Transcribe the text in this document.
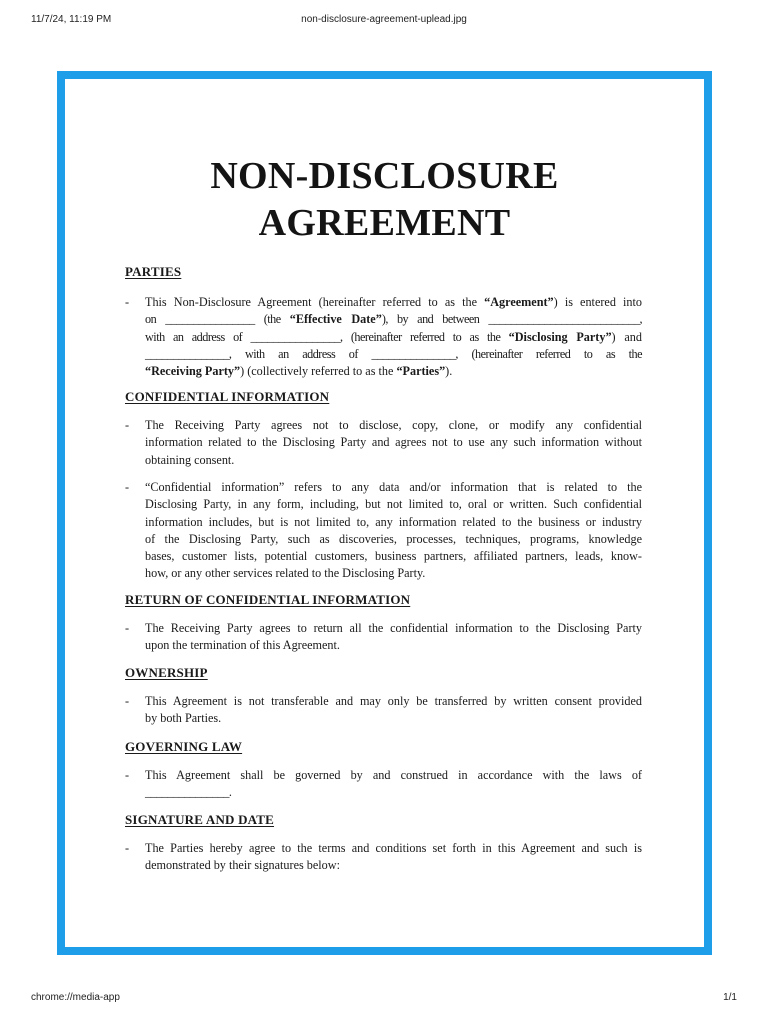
11/7/24, 11:19 PM	non-disclosure-agreement-uplead.jpg
NON-DISCLOSURE
AGREEMENT
PARTIES
- This Non-Disclosure Agreement (hereinafter referred to as the “Agreement”) is entered into
on ________________ (the “Effective Date”), by and between ___________________________,
with an address of ________________, (hereinafter referred to as the “Disclosing Party”) and
_______________, with an address of _______________, (hereinafter referred to as the
“Receiving Party”) (collectively referred to as the “Parties”).
CONFIDENTIAL INFORMATION
- The Receiving Party agrees not to disclose, copy, clone, or modify any confidential
information related to the Disclosing Party and agrees not to use any such information without
obtaining consent.
- “Confidential information” refers to any data and/or information that is related to the
Disclosing Party, in any form, including, but not limited to, oral or written. Such confidential
information includes, but is not limited to, any information related to the business or industry
of the Disclosing Party, such as discoveries, processes, techniques, programs, knowledge
bases, customer lists, potential customers, business partners, affiliated partners, leads, know-
how, or any other services related to the Disclosing Party.
RETURN OF CONFIDENTIAL INFORMATION
- The Receiving Party agrees to return all the confidential information to the Disclosing Party
upon the termination of this Agreement.
OWNERSHIP
- This Agreement is not transferable and may only be transferred by written consent provided
by both Parties.
GOVERNING LAW
- This Agreement shall be governed by and construed in accordance with the laws of
_______________.
SIGNATURE AND DATE
- The Parties hereby agree to the terms and conditions set forth in this Agreement and such is
demonstrated by their signatures below:
chrome://media-app	1/1
